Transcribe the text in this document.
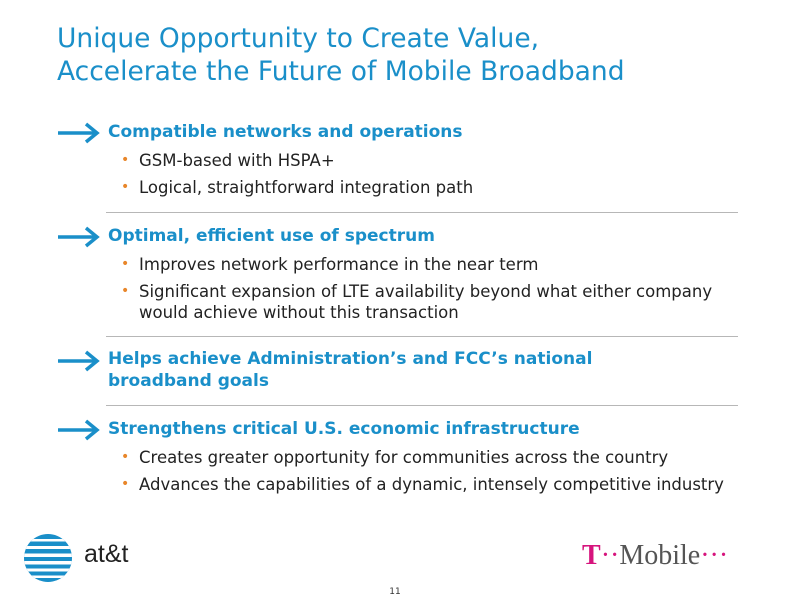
Unique Opportunity to Create Value,
Accelerate the Future of Mobile Broadband
Compatible networks and operations
• GSM-based with HSPA+
• Logical, straightforward integration path
Optimal, efficient use of spectrum
• Improves network performance in the near term
• Significant expansion of LTE availability beyond what either company would achieve without this transaction
Helps achieve Administration’s and FCC’s national broadband goals
Strengthens critical U.S. economic infrastructure
• Creates greater opportunity for communities across the country
• Advances the capabilities of a dynamic, intensely competitive industry
at&t	T··Mobile···
11
